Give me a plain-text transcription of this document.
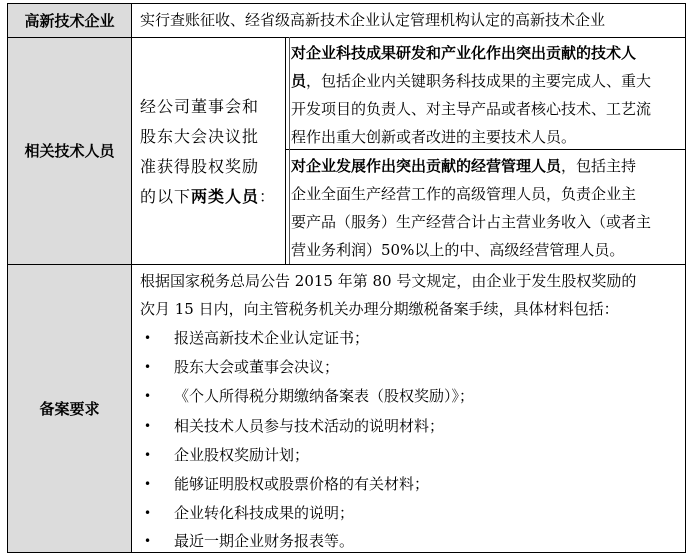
高新技术企业
相关技术人员
备案要求
实行查账征收、经省级高新技术企业认定管理机构认定的高新技术企业
经公司董事会和
股东大会决议批
准获得股权奖励
的以下两类人员：
对企业科技成果研发和产业化作出突出贡献的技术人
员，包括企业内关键职务科技成果的主要完成人、重大
开发项目的负责人、对主导产品或者核心技术、工艺流
程作出重大创新或者改进的主要技术人员。
对企业发展作出突出贡献的经营管理人员，包括主持
企业全面生产经营工作的高级管理人员，负责企业主
要产品（服务）生产经营合计占主营业务收入（或者主
营业务利润）50%以上的中、高级经营管理人员。
根据国家税务总局公告 2015 年第 80 号文规定，由企业于发生股权奖励的
次月 15 日内，向主管税务机关办理分期缴税备案手续，具体材料包括：
• 报送高新技术企业认定证书；
• 股东大会或董事会决议；
• 《个人所得税分期缴纳备案表（股权奖励）》；
• 相关技术人员参与技术活动的说明材料；
• 企业股权奖励计划；
• 能够证明股权或股票价格的有关材料；
• 企业转化科技成果的说明；
• 最近一期企业财务报表等。
